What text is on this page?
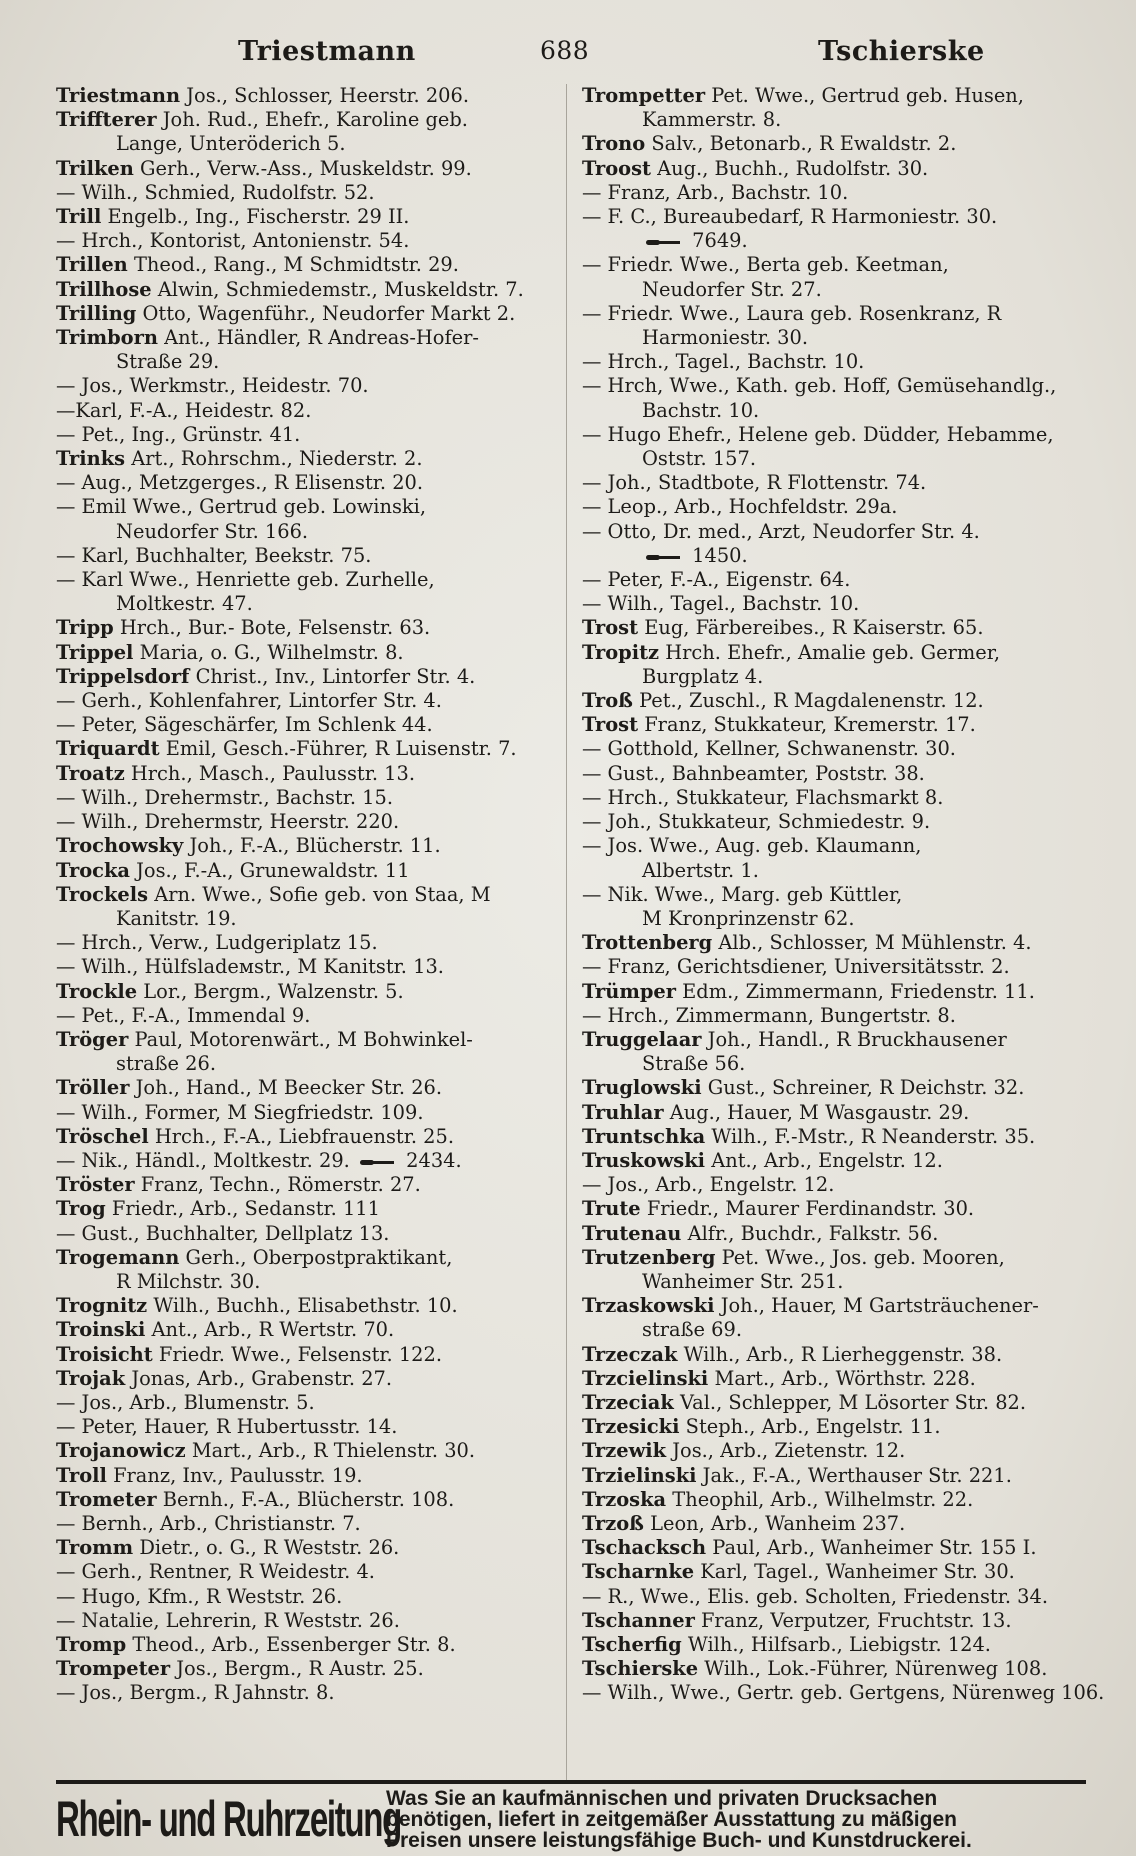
Triestmann	688	Tschierske
Triestmann Jos., Schlosser, Heerstr. 206.
Triffterer Joh. Rud., Ehefr., Karoline geb.
Lange, Unteröderich 5.
Trilken Gerh., Verw.-Ass., Muskeldstr. 99.
— Wilh., Schmied, Rudolfstr. 52.
Trill Engelb., Ing., Fischerstr. 29 II.
— Hrch., Kontorist, Antonienstr. 54.
Trillen Theod., Rang., M Schmidtstr. 29.
Trillhose Alwin, Schmiedemstr., Muskeldstr. 7.
Trilling Otto, Wagenführ., Neudorfer Markt 2.
Trimborn Ant., Händler, R Andreas-Hofer-
Straße 29.
— Jos., Werkmstr., Heidestr. 70.
—Karl, F.-A., Heidestr. 82.
— Pet., Ing., Grünstr. 41.
Trinks Art., Rohrschm., Niederstr. 2.
— Aug., Metzgerges., R Elisenstr. 20.
— Emil Wwe., Gertrud geb. Lowinski,
Neudorfer Str. 166.
— Karl, Buchhalter, Beekstr. 75.
— Karl Wwe., Henriette geb. Zurhelle,
Moltkestr. 47.
Tripp Hrch., Bur.- Bote, Felsenstr. 63.
Trippel Maria, o. G., Wilhelmstr. 8.
Trippelsdorf Christ., Inv., Lintorfer Str. 4.
— Gerh., Kohlenfahrer, Lintorfer Str. 4.
— Peter, Sägeschärfer, Im Schlenk 44.
Triquardt Emil, Gesch.-Führer, R Luisenstr. 7.
Troatz Hrch., Masch., Paulusstr. 13.
— Wilh., Drehermstr., Bachstr. 15.
— Wilh., Drehermstr, Heerstr. 220.
Trochowsky Joh., F.-A., Blücherstr. 11.
Trocka Jos., F.-A., Grunewaldstr. 11
Trockels Arn. Wwe., Sofie geb. von Staa, M
Kanitstr. 19.
— Hrch., Verw., Ludgeriplatz 15.
— Wilh., Hülfsladeмstr., M Kanitstr. 13.
Trockle Lor., Bergm., Walzenstr. 5.
— Pet., F.-A., Immendal 9.
Tröger Paul, Motorenwärt., M Bohwinkel-
straße 26.
Tröller Joh., Hand., M Beecker Str. 26.
— Wilh., Former, M Siegfriedstr. 109.
Tröschel Hrch., F.-A., Liebfrauenstr. 25.
— Nik., Händl., Moltkestr. 29.  2434.
Tröster Franz, Techn., Römerstr. 27.
Trog Friedr., Arb., Sedanstr. 111
— Gust., Buchhalter, Dellplatz 13.
Trogemann Gerh., Oberpostpraktikant,
R Milchstr. 30.
Trognitz Wilh., Buchh., Elisabethstr. 10.
Troinski Ant., Arb., R Wertstr. 70.
Troisicht Friedr. Wwe., Felsenstr. 122.
Trojak Jonas, Arb., Grabenstr. 27.
— Jos., Arb., Blumenstr. 5.
— Peter, Hauer, R Hubertusstr. 14.
Trojanowicz Mart., Arb., R Thielenstr. 30.
Troll Franz, Inv., Paulusstr. 19.
Trometer Bernh., F.-A., Blücherstr. 108.
— Bernh., Arb., Christianstr. 7.
Tromm Dietr., o. G., R Weststr. 26.
— Gerh., Rentner, R Weidestr. 4.
— Hugo, Kfm., R Weststr. 26.
— Natalie, Lehrerin, R Weststr. 26.
Tromp Theod., Arb., Essenberger Str. 8.
Trompeter Jos., Bergm., R Austr. 25.
— Jos., Bergm., R Jahnstr. 8.
Trompetter Pet. Wwe., Gertrud geb. Husen,
Kammerstr. 8.
Trono Salv., Betonarb., R Ewaldstr. 2.
Troost Aug., Buchh., Rudolfstr. 30.
— Franz, Arb., Bachstr. 10.
— F. C., Bureaubedarf, R Harmoniestr. 30.
7649.
— Friedr. Wwe., Berta geb. Keetman,
Neudorfer Str. 27.
— Friedr. Wwe., Laura geb. Rosenkranz, R
Harmoniestr. 30.
— Hrch., Tagel., Bachstr. 10.
— Hrch, Wwe., Kath. geb. Hoff, Gemüsehandlg.,
Bachstr. 10.
— Hugo Ehefr., Helene geb. Düdder, Hebamme,
Oststr. 157.
— Joh., Stadtbote, R Flottenstr. 74.
— Leop., Arb., Hochfeldstr. 29a.
— Otto, Dr. med., Arzt, Neudorfer Str. 4.
1450.
— Peter, F.-A., Eigenstr. 64.
— Wilh., Tagel., Bachstr. 10.
Trost Eug, Färbereibes., R Kaiserstr. 65.
Tropitz Hrch. Ehefr., Amalie geb. Germer,
Burgplatz 4.
Troß Pet., Zuschl., R Magdalenenstr. 12.
Trost Franz, Stukkateur, Kremerstr. 17.
— Gotthold, Kellner, Schwanenstr. 30.
— Gust., Bahnbeamter, Poststr. 38.
— Hrch., Stukkateur, Flachsmarkt 8.
— Joh., Stukkateur, Schmiedestr. 9.
— Jos. Wwe., Aug. geb. Klaumann,
Albertstr. 1.
— Nik. Wwe., Marg. geb Küttler,
M Kronprinzenstr 62.
Trottenberg Alb., Schlosser, M Mühlenstr. 4.
— Franz, Gerichtsdiener, Universitätsstr. 2.
Trümper Edm., Zimmermann, Friedenstr. 11.
— Hrch., Zimmermann, Bungertstr. 8.
Truggelaar Joh., Handl., R Bruckhausener
Straße 56.
Truglowski Gust., Schreiner, R Deichstr. 32.
Truhlar Aug., Hauer, M Wasgaustr. 29.
Truntschka Wilh., F.-Mstr., R Neanderstr. 35.
Truskowski Ant., Arb., Engelstr. 12.
— Jos., Arb., Engelstr. 12.
Trute Friedr., Maurer Ferdinandstr. 30.
Trutenau Alfr., Buchdr., Falkstr. 56.
Trutzenberg Pet. Wwe., Jos. geb. Mooren,
Wanheimer Str. 251.
Trzaskowski Joh., Hauer, M Gartsträuchener-
straße 69.
Trzeczak Wilh., Arb., R Lierheggenstr. 38.
Trzcielinski Mart., Arb., Wörthstr. 228.
Trzeciak Val., Schlepper, M Lösorter Str. 82.
Trzesicki Steph., Arb., Engelstr. 11.
Trzewik Jos., Arb., Zietenstr. 12.
Trzielinski Jak., F.-A., Werthauser Str. 221.
Trzoska Theophil, Arb., Wilhelmstr. 22.
Trzoß Leon, Arb., Wanheim 237.
Tschacksch Paul, Arb., Wanheimer Str. 155 I.
Tscharnke Karl, Tagel., Wanheimer Str. 30.
— R., Wwe., Elis. geb. Scholten, Friedenstr. 34.
Tschanner Franz, Verputzer, Fruchtstr. 13.
Tscherfig Wilh., Hilfsarb., Liebigstr. 124.
Tschierske Wilh., Lok.-Führer, Nürenweg 108.
— Wilh., Wwe., Gertr. geb. Gertgens, Nürenweg 106.
Rhein- und Ruhrzeitung
Was Sie an kaufmännischen und privaten Drucksachen
benötigen, liefert in zeitgemäßer Ausstattung zu mäßigen
Preisen unsere leistungsfähige Buch- und Kunstdruckerei.
